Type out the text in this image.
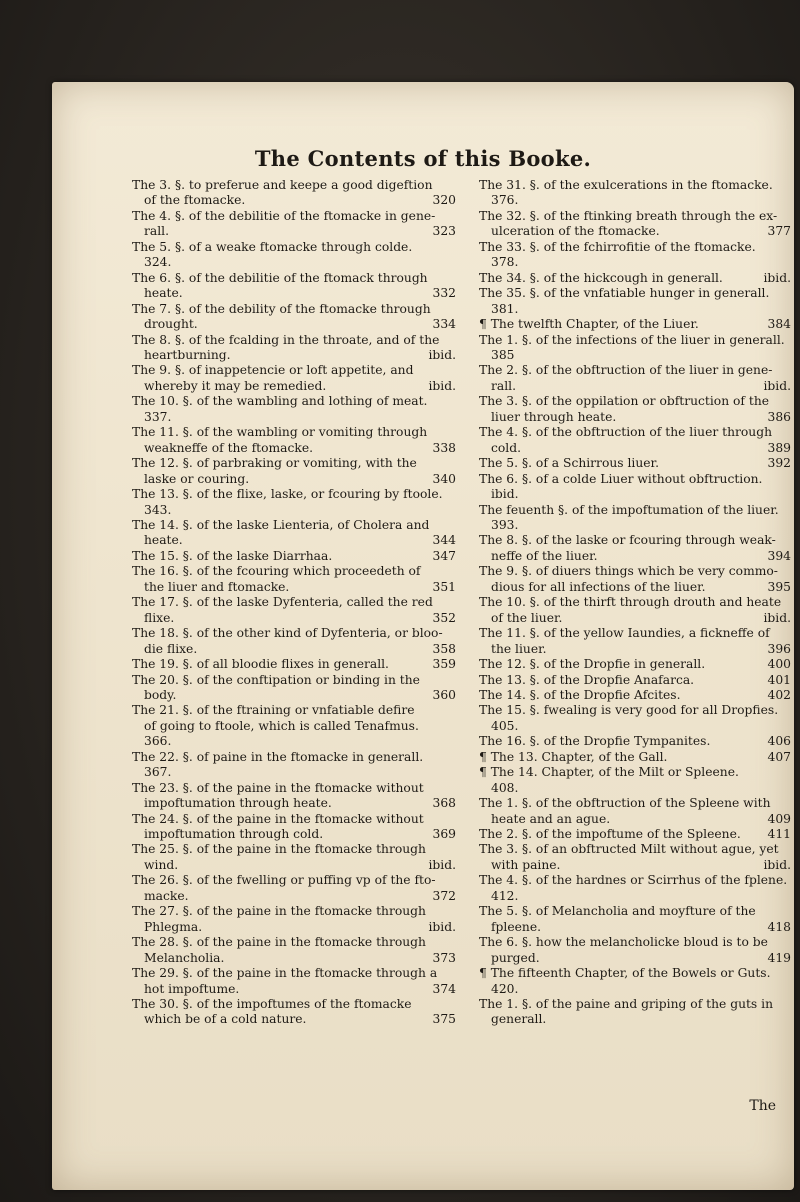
The Contents of this Booke.
The 3. §. to preferue and keepe a good digeftion
of the ftomacke.	320
The 4. §. of the debilitie of the ftomacke in gene-
rall.	323
The 5. §. of a weake ftomacke through colde.
324.
The 6. §. of the debilitie of the ftomack through
heate.	332
The 7. §. of the debility of the ftomacke through
drought.	334
The 8. §. of the fcalding in the throate, and of the
heartburning.	ibid.
The 9. §. of inappetencie or loft appetite, and
whereby it may be remedied.	ibid.
The 10. §. of the wambling and lothing of meat.
337.
The 11. §. of the wambling or vomiting through
weakneffe of the ftomacke.	338
The 12. §. of parbraking or vomiting, with the
laske or couring.	340
The 13. §. of the flixe, laske, or fcouring by ftoole.
343.
The 14. §. of the laske Lienteria, of Cholera and
heate.	344
The 15. §. of the laske Diarrhaa.	347
The 16. §. of the fcouring which proceedeth of
the liuer and ftomacke.	351
The 17. §. of the laske Dyfenteria, called the red
flixe.	352
The 18. §. of the other kind of Dyfenteria, or bloo-
die flixe.	358
The 19. §. of all bloodie flixes in generall.	359
The 20. §. of the conftipation or binding in the
body.	360
The 21. §. of the ftraining or vnfatiable defire
of going to ftoole, which is called Tenafmus.
366.
The 22. §. of paine in the ftomacke in generall.
367.
The 23. §. of the paine in the ftomacke without
impoftumation through heate.	368
The 24. §. of the paine in the ftomacke without
impoftumation through cold.	369
The 25. §. of the paine in the ftomacke through
wind.	ibid.
The 26. §. of the fwelling or puffing vp of the fto-
macke.	372
The 27. §. of the paine in the ftomacke through
Phlegma.	ibid.
The 28. §. of the paine in the ftomacke through
Melancholia.	373
The 29. §. of the paine in the ftomacke through a
hot impoftume.	374
The 30. §. of the impoftumes of the ftomacke
which be of a cold nature.	375
The 31. §. of the exulcerations in the ftomacke.
376.
The 32. §. of the ftinking breath through the ex-
ulceration of the ftomacke.	377
The 33. §. of the fchirrofitie of the ftomacke.
378.
The 34. §. of the hickcough in generall.	ibid.
The 35. §. of the vnfatiable hunger in generall.
381.
¶ The twelfth Chapter, of the Liuer.	384
The 1. §. of the infections of the liuer in generall.
385
The 2. §. of the obftruction of the liuer in gene-
rall.	ibid.
The 3. §. of the oppilation or obftruction of the
liuer through heate.	386
The 4. §. of the obftruction of the liuer through
cold.	389
The 5. §. of a Schirrous liuer.	392
The 6. §. of a colde Liuer without obftruction.
ibid.
The feuenth §. of the impoftumation of the liuer.
393.
The 8. §. of the laske or fcouring through weak-
neffe of the liuer.	394
The 9. §. of diuers things which be very commo-
dious for all infections of the liuer.	395
The 10. §. of the thirft through drouth and heate
of the liuer.	ibid.
The 11. §. of the yellow Iaundies, a fickneffe of
the liuer.	396
The 12. §. of the Dropfie in generall.	400
The 13. §. of the Dropfie Anafarca.	401
The 14. §. of the Dropfie Afcites.	402
The 15. §. fwealing is very good for all Dropfies.
405.
The 16. §. of the Dropfie Tympanites.	406
¶ The 13. Chapter, of the Gall.	407
¶ The 14. Chapter, of the Milt or Spleene.
408.
The 1. §. of the obftruction of the Spleene with
heate and an ague.	409
The 2. §. of the impoftume of the Spleene.	411
The 3. §. of an obftructed Milt without ague, yet
with paine.	ibid.
The 4. §. of the hardnes or Scirrhus of the fplene.
412.
The 5. §. of Melancholia and moyfture of the
fpleene.	418
The 6. §. how the melancholicke bloud is to be
purged.	419
¶ The fifteenth Chapter, of the Bowels or Guts.
420.
The 1. §. of the paine and griping of the guts in
generall.
The
